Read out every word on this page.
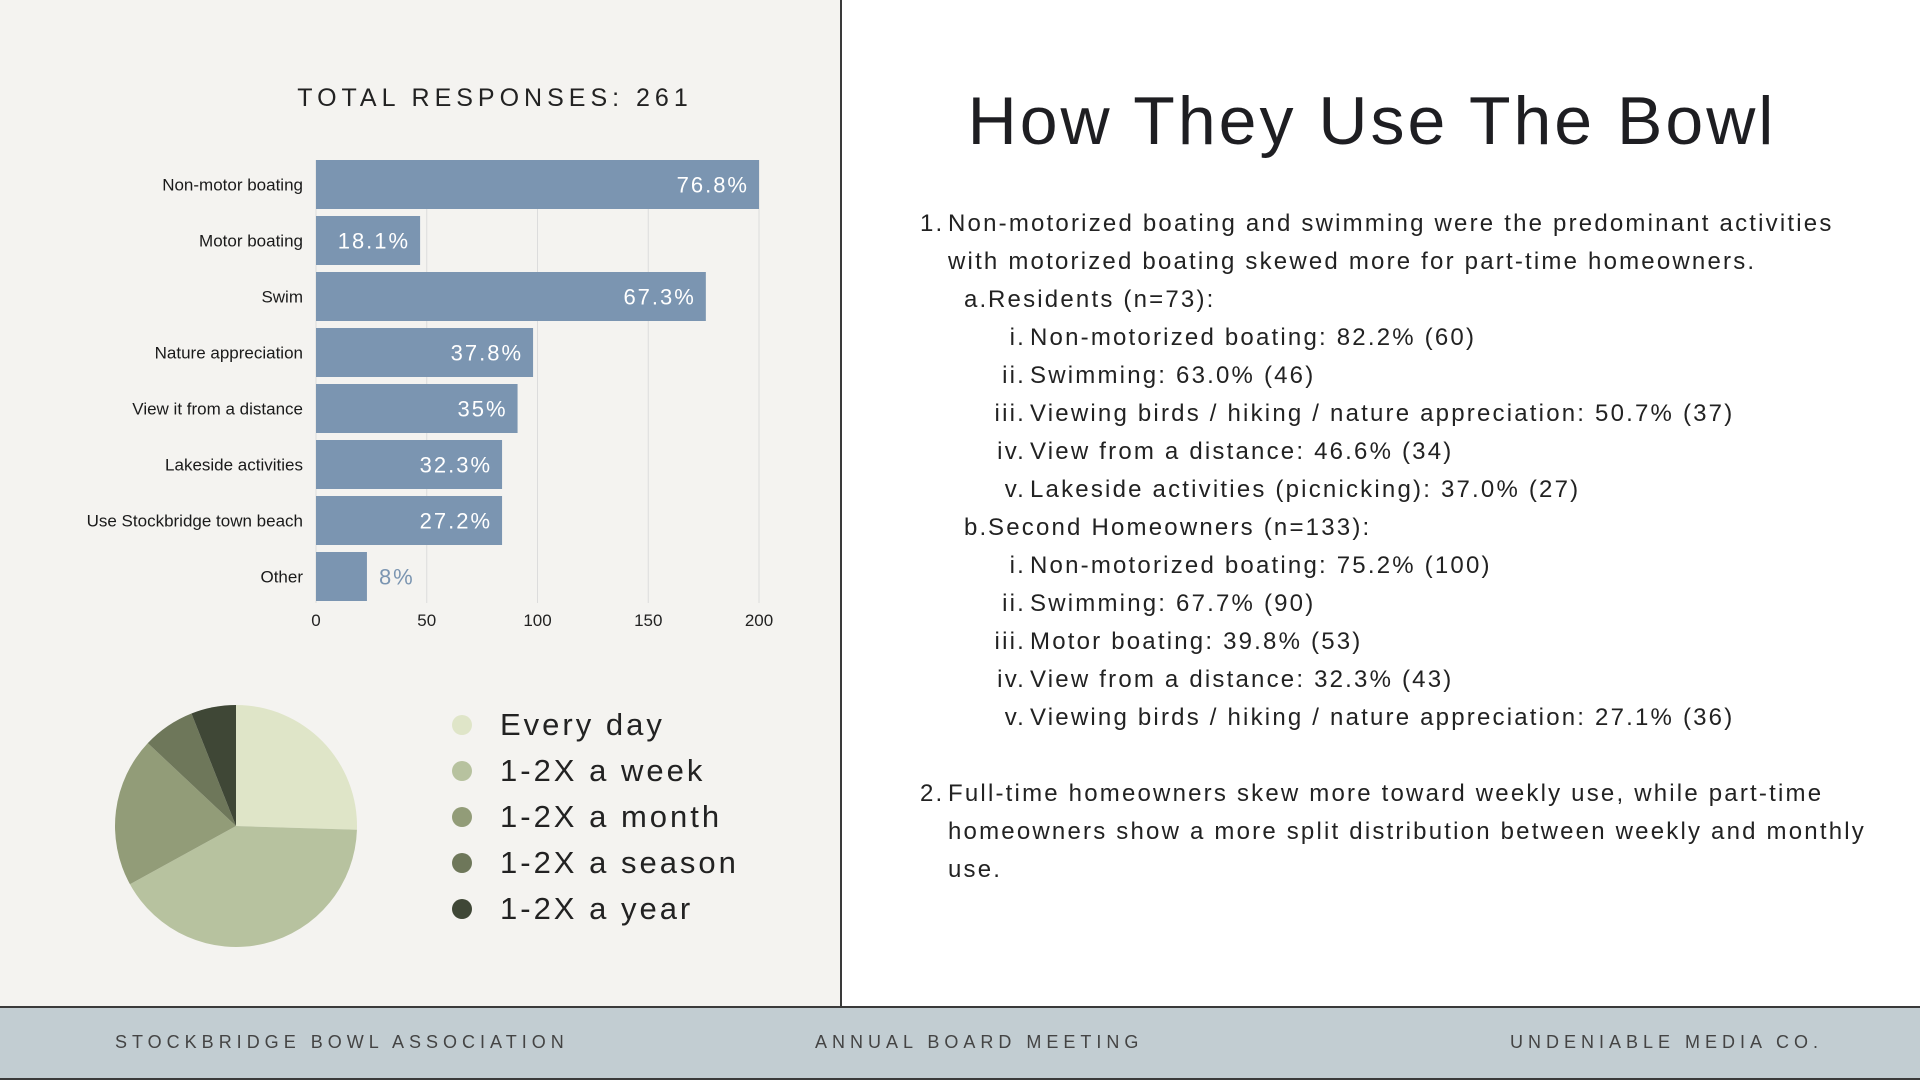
TOTAL RESPONSES: 261
0	50	100	150	200
Non-motor boating	76.8%
Motor boating 18.1%
Swim	67.3%
Nature appreciation	37.8%
View it from a distance	35%
Lakeside activities	32.3%
Use Stockbridge town beach	27.2%
Other	8%
Every day
1-2X a week
1-2X a month
1-2X a season
1-2X a year
How They Use The Bowl
1. Non-motorized boating and swimming were the predominant activities with motorized boating skewed more for part-time homeowners.
a. Residents (n=73):
i. Non-motorized boating: 82.2% (60)
ii. Swimming: 63.0% (46)
iii. Viewing birds / hiking / nature appreciation: 50.7% (37)
iv. View from a distance: 46.6% (34)
v. Lakeside activities (picnicking): 37.0% (27)
b. Second Homeowners (n=133):
i. Non-motorized boating: 75.2% (100)
ii. Swimming: 67.7% (90)
iii. Motor boating: 39.8% (53)
iv. View from a distance: 32.3% (43)
v. Viewing birds / hiking / nature appreciation: 27.1% (36)
2. Full-time homeowners skew more toward weekly use, while part-time homeowners show a more split distribution between weekly and monthly use.
STOCKBRIDGE BOWL ASSOCIATION	ANNUAL BOARD MEETING	UNDENIABLE MEDIA CO.
